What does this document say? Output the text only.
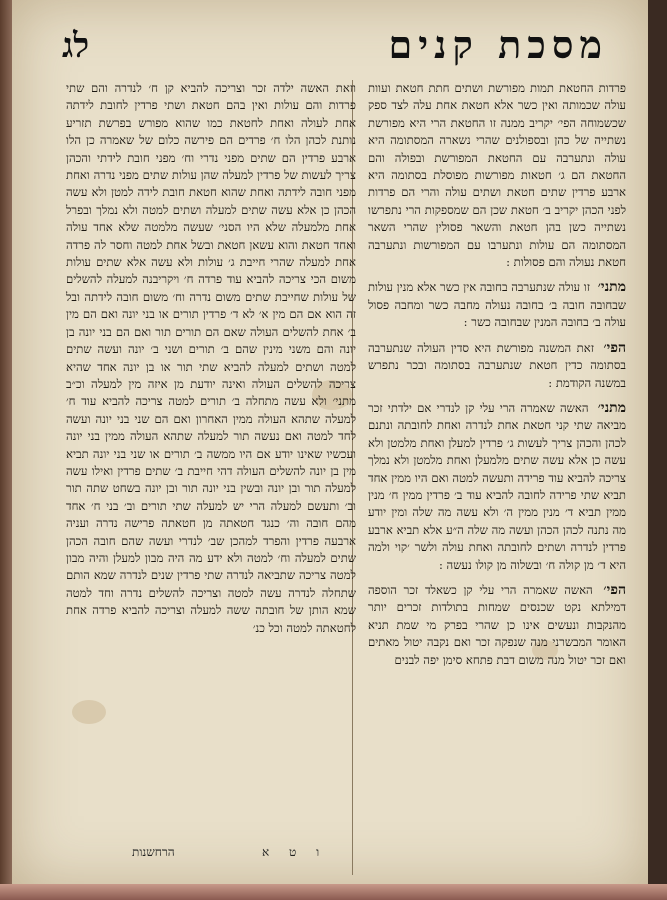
מסכת קנים
לג

פרדות החטאת תמות מפורשת ושתים חתת חטאת ועוות עולה שכמותה ואין כשר אלא חטאת אחת עלה לצד ספק שכשמוחה הפי׳ יקריב ממנה זו החטאת הרי היא מפורשת נשתייה של כהן ובספולנים שהרי נשארה המסתומה היא עולה ונתערבה עם החטאת המפורשת ובפולה והם החטאת הם ג׳ חטאות מפורשות מפוסלת בסתומה היא ארבע פרדין שתים חטאת ושתים עולה והרי הם פרדות לפני הכהן יקריב ב׳ חטאת שכן הם שמספקות הרי נתפרשו נשתייה כשן בהן חטאת והשאר פסולין שהרי השאר המסתומה הם עולות ונתערבו עם המפורשות ונתערבה חטאת נעולה והם פסולות :

מתני׳ זו עולה שנתערבה בחובה אין כשר אלא מנין עולות שבחובה חובה ב׳ בחובה נעולה מחבה כשר ומחבה פסול עולה ב׳ בחובה המנין שבחובה כשר :

הפי׳ זאת המשנה מפורשת היא סדין העולה שנתערבה בסתומה כדין חטאת שנתערבה בסתומה ובכר נתפרש במשנה הקודמת :

מתני׳ האשה שאמרה הרי עלי קן לנדרי אם ילדתי זכר מביאה שתי קני חטאת אחת לנדרה ואחת לחובתה ונתנם לכהן והכהן צריך לעשות ג׳ פרדין למעלן ואחת מלמטן ולא עשה כן אלא עשה שתים מלמעלן ואחת מלמטן ולא נמלך צריכה להביא עוד פרידה ותעשה למטה ואם היו ממין אחד תביא שתי פרידה לחובה להביא עוד ב׳ פרדין ממין ח׳ מנין ממין תביא ד׳ מנין ממין ה׳ ולא עשה מה שלה ומין יודע מה נתנה לכהן הכהן ועשה מה שלה ה״ע אלא תביא ארבע פרדין לנדרה ושתים לחובתה ואחת עולה ולשר ׳קוי ולמה היא ד׳ מן קולה ח׳ ובשלוה מן קולו נעשה :

הפי׳ האשה שאמרה הרי עלי קן כשאלד זכר הוספה דמילתא נקט שכנסים שמחות בתולדות זכרים יותר מהנקבות ונעשים אינו כן שהרי בפרק מי שמת תניא האומר המבשרני מנה שנפקה זכר ואם נקבה יטול מאתים ואם זכר יטול מנה משום דבת פתחא סימן יפה לבנים

וזאת האשה ילדה זכר וצריכה להביא קן ח׳ לנדרה והם שתי פרדות והם עולות ואין בהם חטאת ושתי פרדין לחובת לידתה אחת לעולה ואחת לחטאת כמו שהוא מפורש בפרשת תזריע נותנת לכהן הלו ח׳ פרדים הם פירשה כלום של שאמרה כן הלו ארבע פרדין הם שתים מפני נדרי וח׳ מפני חובת לידתי והכהן צריך לעשות של פרדין למעלה שהן עולות שתים מפני נדרה ואחת מפני חובה לידתה ואחת שהוא חטאת חובת לידה למטן ולא עשה הכהן כן אלא עשה שתים למעלה ושתים למטה ולא נמלך ובפרל אחת מלמעלה שלא היו הסני׳ שעשה מלמטה שלא אחד עולה ואחד חטאת והוא עשאן חטאת ובשל אחת למטה וחסר לה פרדה אחת למעלה שהרי חייבת ג׳ עולות ולא עשה אלא שתים עולות משום הכי צריכה להביא עוד פרדה ח׳ ויקריבנה למעלה להשלים של עולות שחייבת שתים משום נדרה וח׳ משום חובה לידתה ובל זה הוא אם הם מין א׳ לא ד׳ פרדין תורים או בני יונה ואם הם מין ב׳ אחת להשלים העולה שאם הם תורים תור ואם הם בני יונה בן יונה והם משני מינין שהם ב׳ תורים ושני ב׳ יונה ועשה שתים למטה ושתים למעלה להביא שתי תור או בן יונה אחד שהיא צריכה להשלים העולה ואינה יודעת מן איזה מין למעלה וכ״ב מתני׳ ולא עשה מתחלה ב׳ תורים למטה צריכה להביא עוד ח׳ למעלה שתהא העולה ממין האחרון ואם הם שני בני יונה ועשה לחד למטה ואם נעשה תור למעלה שתהא העולה ממין בני יונה ועכשיו שאינו יודע אם היו ממשה ב׳ תורים או שני בני יונה תביא מין בן יונה להשלים העולה דהי חייבת ב׳ שתים פרדין ואילו עשה למעלה תור ובן יונה ובשין בני יונה תור ובן יונה בשחט שתה תור וב׳ ותעשם למעלה הרי יש למעלה שתי תורים וב׳ בני ח׳ אחד מהם חובה וה׳ כנגד חטאתה מן חטאתה פרישה נדרה ועניה ארבעה פרדין והפרד למהכן שב׳ לנדרי ועשה שהם חובה הכהן שתים למעלה וח׳ למטה ולא ידע מה היה מבון למעלן והיה מבון למטה צריכה שתביאה לנדרה שתי פרדין שנים לנדרה שמא הותם שתחלה לנדרה עשה למטה וצריכה להשלים נדרה וחד למטה שמא הותן של חובתה ששה למעלה וצריכה להביא פרדה אחת לחטאתה למטה וכל כנ׳

ו ט א
הרחשנות
